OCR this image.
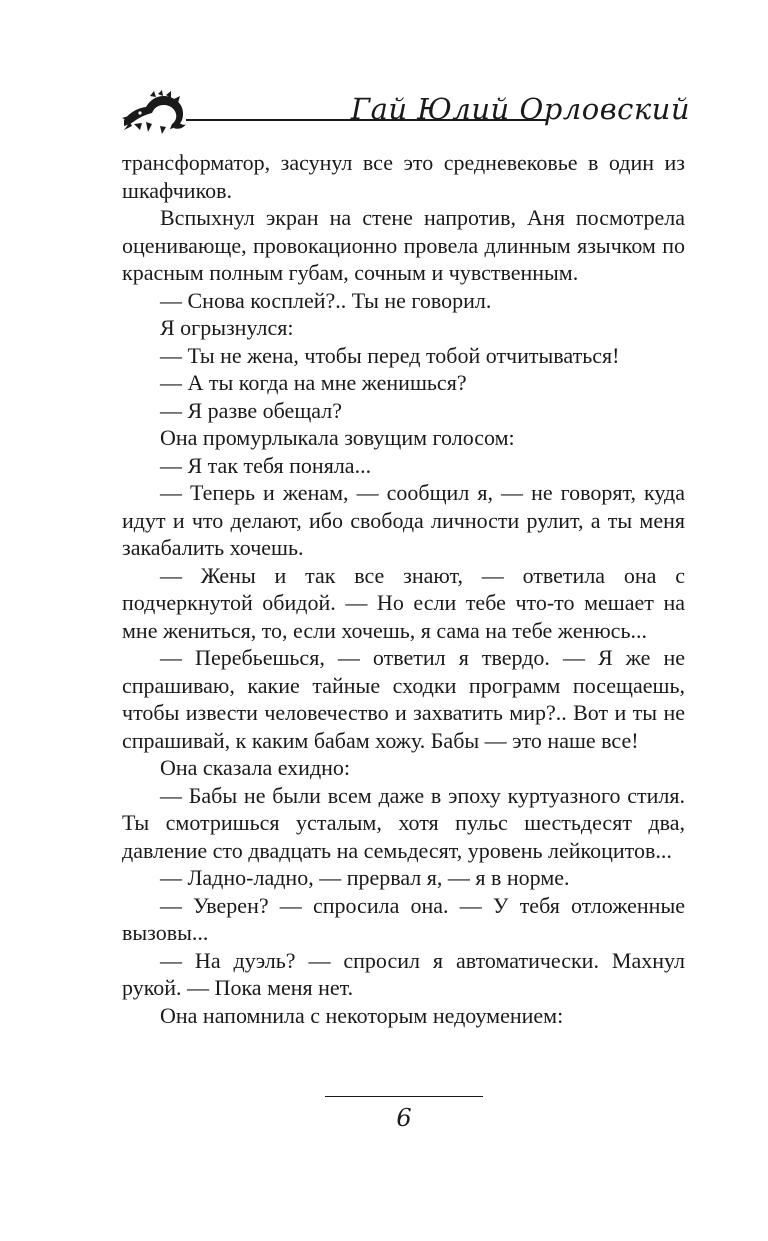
Гай Юлий Орловский

трансформатор, засунул все это средневековье в один из шкафчиков.

Вспыхнул экран на стене напротив, Аня посмотрела оценивающе, провокационно провела длинным язычком по красным полным губам, сочным и чувственным.

— Снова косплей?.. Ты не говорил.

Я огрызнулся:

— Ты не жена, чтобы перед тобой отчитываться!

— А ты когда на мне женишься?

— Я разве обещал?

Она промурлыкала зовущим голосом:

— Я так тебя поняла...

— Теперь и женам, — сообщил я, — не говорят, куда идут и что делают, ибо свобода личности рулит, а ты меня закабалить хочешь.

— Жены и так все знают, — ответила она с подчеркнутой обидой. — Но если тебе что-то мешает на мне жениться, то, если хочешь, я сама на тебе женюсь...

— Перебьешься, — ответил я твердо. — Я же не спрашиваю, какие тайные сходки программ посещаешь, чтобы извести человечество и захватить мир?.. Вот и ты не спрашивай, к каким бабам хожу. Бабы — это наше все!

Она сказала ехидно:

— Бабы не были всем даже в эпоху куртуазного стиля. Ты смотришься усталым, хотя пульс шестьдесят два, давление сто двадцать на семьдесят, уровень лейкоцитов...

— Ладно-ладно, — прервал я, — я в норме.

— Уверен? — спросила она. — У тебя отложенные вызовы...

— На дуэль? — спросил я автоматически. Махнул рукой. — Пока меня нет.

Она напомнила с некоторым недоумением:

6
